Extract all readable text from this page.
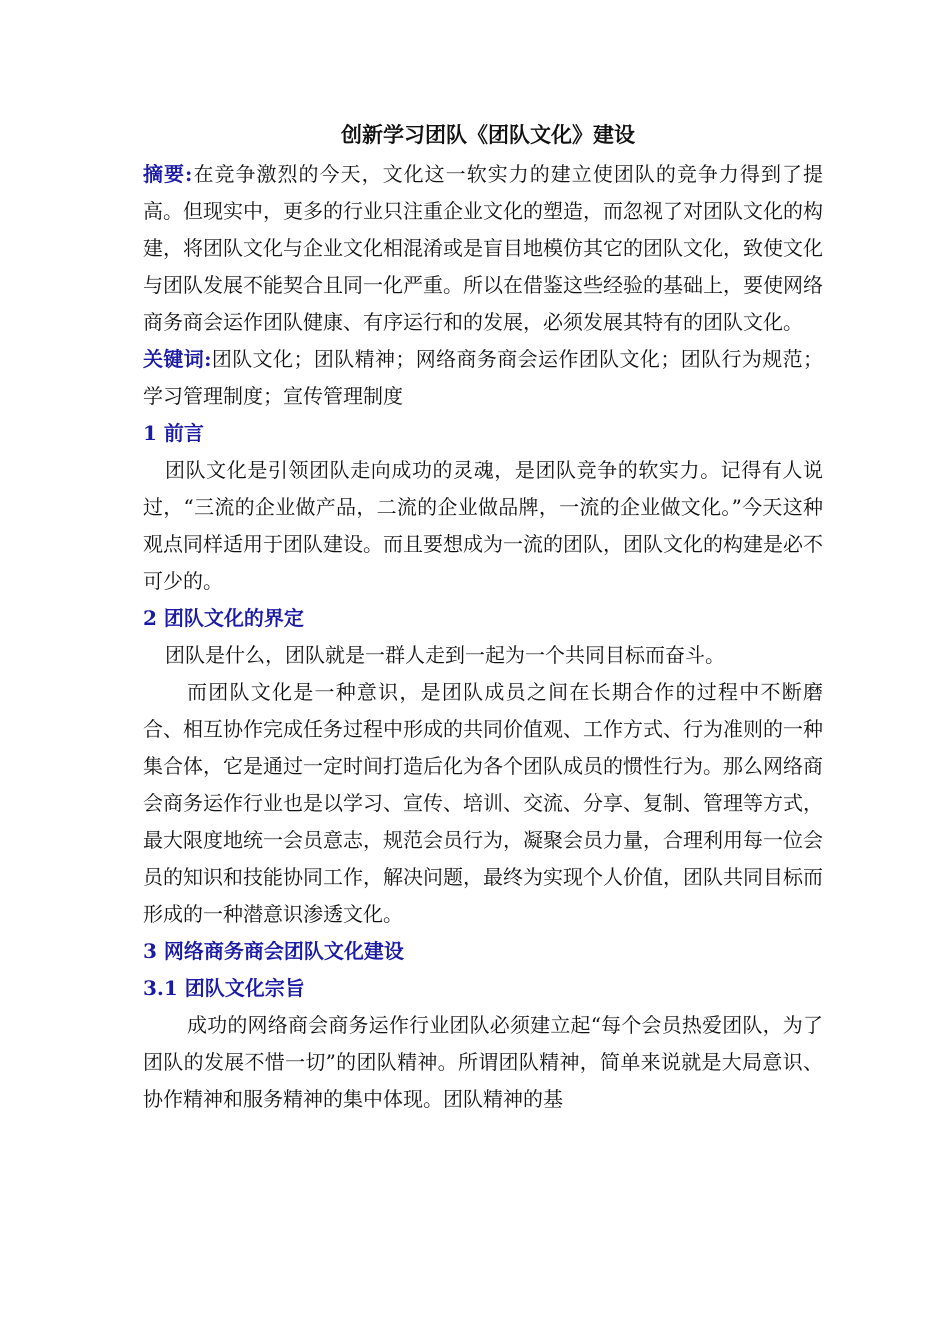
创新学习团队《团队文化》建设

摘要:在竞争激烈的今天，文化这一软实力的建立使团队的竞争力得到了提高。但现实中，更多的行业只注重企业文化的塑造，而忽视了对团队文化的构建，将团队文化与企业文化相混淆或是盲目地模仿其它的团队文化，致使文化与团队发展不能契合且同一化严重。所以在借鉴这些经验的基础上，要使网络商务商会运作团队健康、有序运行和的发展，必须发展其特有的团队文化。

关键词:团队文化；团队精神；网络商务商会运作团队文化；团队行为规范；学习管理制度；宣传管理制度

1 前言

团队文化是引领团队走向成功的灵魂，是团队竞争的软实力。记得有人说过，“三流的企业做产品，二流的企业做品牌，一流的企业做文化。”今天这种观点同样适用于团队建设。而且要想成为一流的团队，团队文化的构建是必不可少的。

2 团队文化的界定

团队是什么，团队就是一群人走到一起为一个共同目标而奋斗。

而团队文化是一种意识，是团队成员之间在长期合作的过程中不断磨合、相互协作完成任务过程中形成的共同价值观、工作方式、行为准则的一种集合体，它是通过一定时间打造后化为各个团队成员的惯性行为。那么网络商会商务运作行业也是以学习、宣传、培训、交流、分享、复制、管理等方式，最大限度地统一会员意志，规范会员行为，凝聚会员力量，合理利用每一位会员的知识和技能协同工作，解决问题，最终为实现个人价值，团队共同目标而形成的一种潜意识渗透文化。

3 网络商务商会团队文化建设
3.1 团队文化宗旨

成功的网络商会商务运作行业团队必须建立起“每个会员热爱团队，为了团队的发展不惜一切”的团队精神。所谓团队精神，简单来说就是大局意识、协作精神和服务精神的集中体现。团队精神的基
